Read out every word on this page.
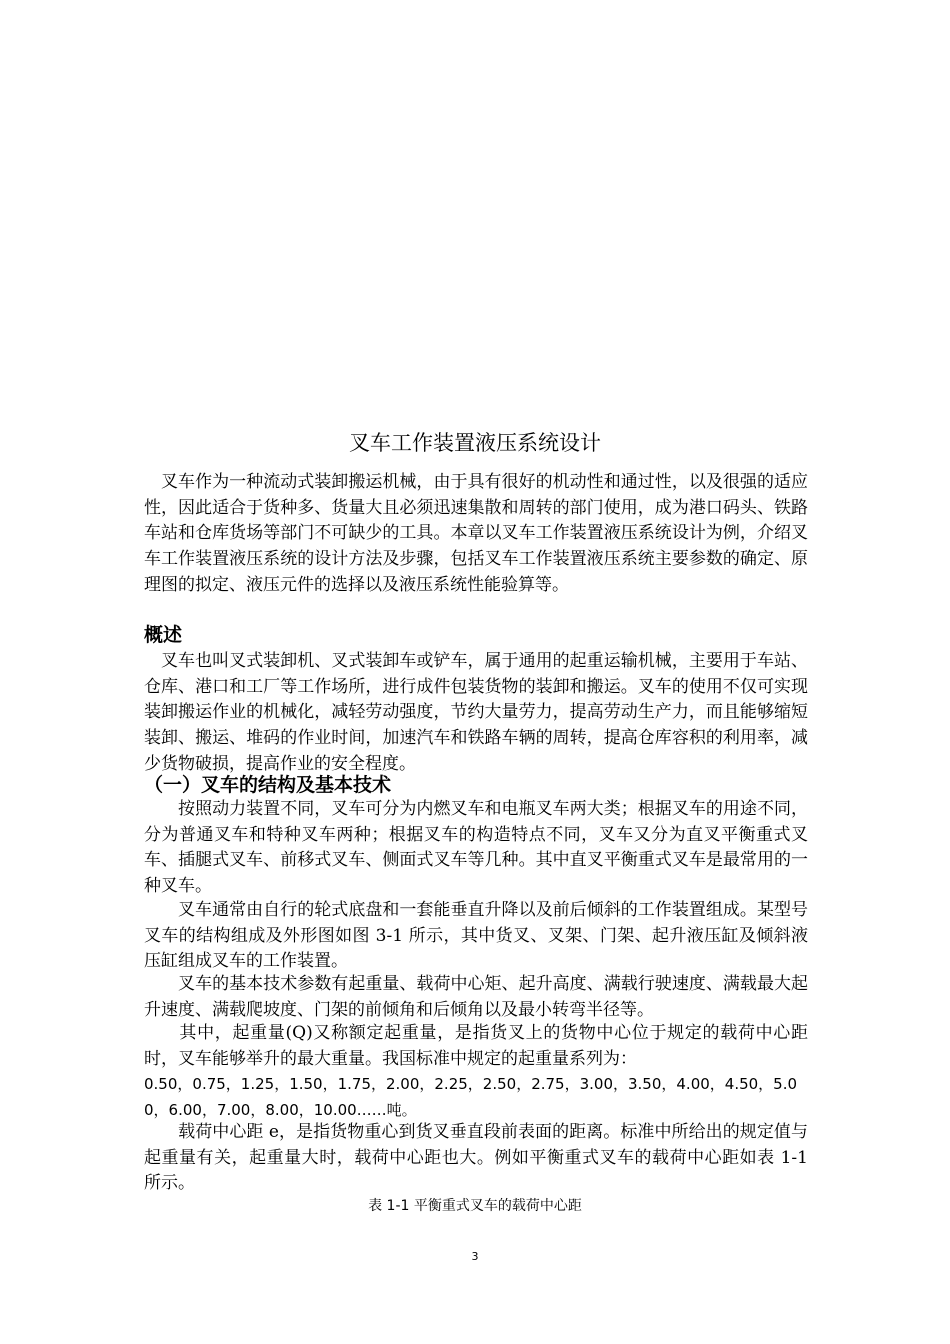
叉车工作装置液压系统设计

　叉车作为一种流动式装卸搬运机械，由于具有很好的机动性和通过性，以及很强的适应性，因此适合于货种多、货量大且必须迅速集散和周转的部门使用，成为港口码头、铁路车站和仓库货场等部门不可缺少的工具。本章以叉车工作装置液压系统设计为例，介绍叉车工作装置液压系统的设计方法及步骤，包括叉车工作装置液压系统主要参数的确定、原理图的拟定、液压元件的选择以及液压系统性能验算等。

概述

　叉车也叫叉式装卸机、叉式装卸车或铲车，属于通用的起重运输机械，主要用于车站、仓库、港口和工厂等工作场所，进行成件包装货物的装卸和搬运。叉车的使用不仅可实现装卸搬运作业的机械化，减轻劳动强度，节约大量劳力，提高劳动生产力，而且能够缩短装卸、搬运、堆码的作业时间，加速汽车和铁路车辆的周转，提高仓库容积的利用率，减少货物破损，提高作业的安全程度。

（一）叉车的结构及基本技术

　　按照动力装置不同，叉车可分为内燃叉车和电瓶叉车两大类；根据叉车的用途不同，分为普通叉车和特种叉车两种；根据叉车的构造特点不同，叉车又分为直叉平衡重式叉车、插腿式叉车、前移式叉车、侧面式叉车等几种。其中直叉平衡重式叉车是最常用的一种叉车。

　　叉车通常由自行的轮式底盘和一套能垂直升降以及前后倾斜的工作装置组成。某型号叉车的结构组成及外形图如图 3-1 所示，其中货叉、叉架、门架、起升液压缸及倾斜液压缸组成叉车的工作装置。

　　叉车的基本技术参数有起重量、载荷中心矩、起升高度、满载行驶速度、满载最大起升速度、满载爬坡度、门架的前倾角和后倾角以及最小转弯半径等。

　　其中，起重量(Q)又称额定起重量，是指货叉上的货物中心位于规定的载荷中心距时，叉车能够举升的最大重量。我国标准中规定的起重量系列为：

0.50，0.75，1.25，1.50，1.75，2.00，2.25，2.50，2.75，3.00，3.50，4.00，4.50，5.00，6.00，7.00，8.00，10.00……吨。

　　载荷中心距 e，是指货物重心到货叉垂直段前表面的距离。标准中所给出的规定值与起重量有关，起重量大时，载荷中心距也大。例如平衡重式叉车的载荷中心距如表 1-1 所示。

表 1-1 平衡重式叉车的载荷中心距
3
